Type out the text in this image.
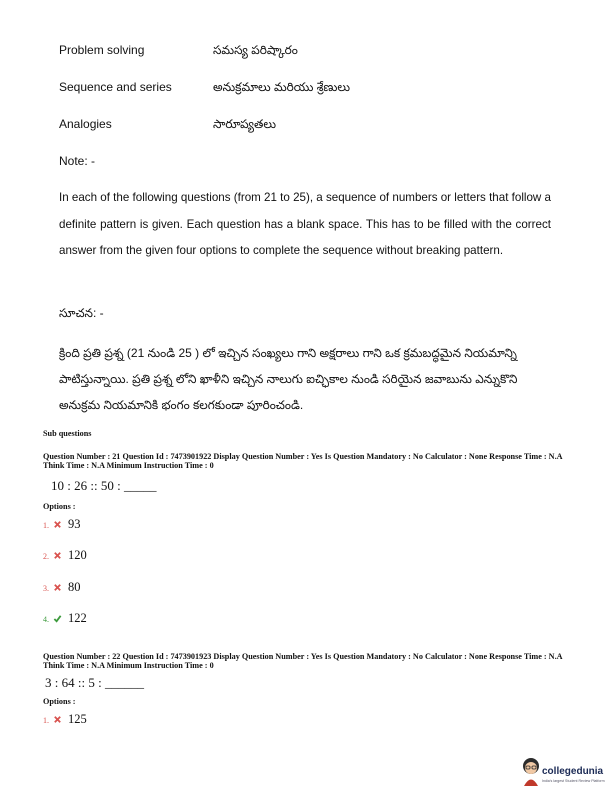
Problem solving	సమస్య పరిష్కారం
Sequence and series	అనుక్రమాలు మరియు శ్రేణులు
Analogies	సారూప్యతలు
Note: -
In each of the following questions (from 21 to 25), a sequence of numbers or letters that follow a definite pattern is given. Each question has a blank space. This has to be filled with the correct answer from the given four options to complete the sequence without breaking pattern.
సూచన: -
క్రింది ప్రతి ప్రశ్న (21 నుండి 25 ) లో ఇచ్చిన సంఖ్యలు గాని అక్షరాలు గాని ఒక క్రమబద్ధమైన నియమాన్ని పాటిస్తున్నాయి. ప్రతి ప్రశ్న లోని ఖాళీని ఇచ్చిన నాలుగు ఐచ్ఛికాల నుండి సరియైన జవాబును ఎన్నుకొని అనుక్రమ నియమానికి భంగం కలగకుండా పూరించండి.
Sub questions
Question Number : 21 Question Id : 7473901922 Display Question Number : Yes Is Question Mandatory : No Calculator : None Response Time : N.A Think Time : N.A Minimum Instruction Time : 0
10 : 26 :: 50 : _____
Options :
1. 93
2. 120
3. 80
4. 122
Question Number : 22 Question Id : 7473901923 Display Question Number : Yes Is Question Mandatory : No Calculator : None Response Time : N.A Think Time : N.A Minimum Instruction Time : 0
3 : 64 :: 5 : ______
Options :
1. 125
collegedunia
India's largest Student Review Platform
